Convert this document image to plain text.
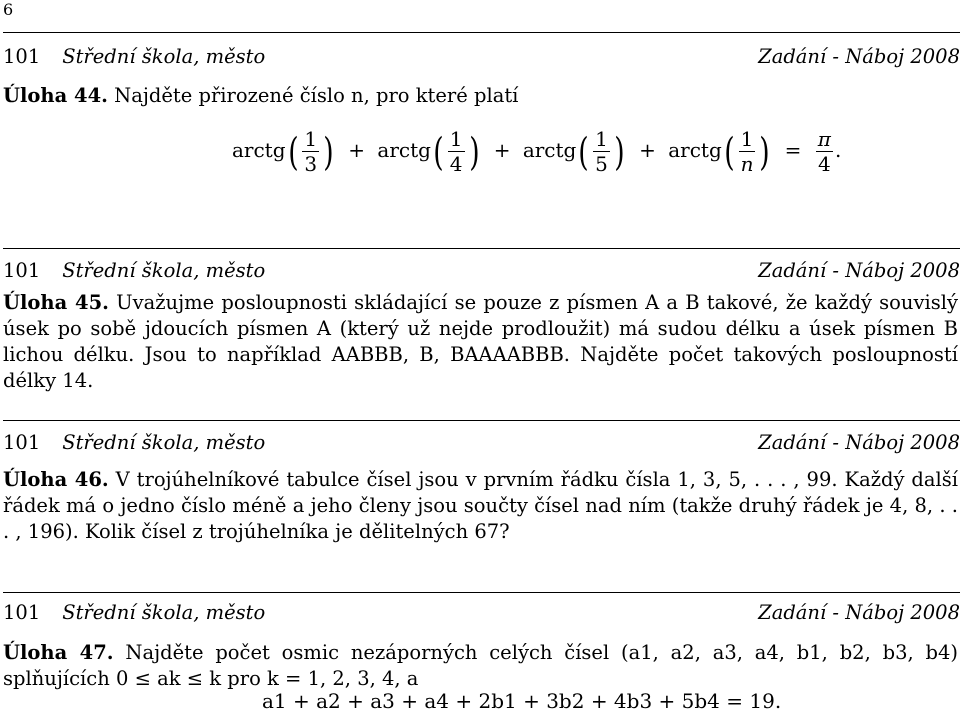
6
101 Střední škola, město	Zadání - Náboj 2008
Úloha 44. Najděte přirozené číslo n, pro které platí
arctg( $\frac{1}{3}$ ) + arctg( $\frac{1}{4}$ ) + arctg( $\frac{1}{5}$ ) + arctg( $\frac{1}{n}$ ) = $\frac{\pi}{4}$ .
101 Střední škola, město	Zadání - Náboj 2008
Úloha 45. Uvažujme posloupnosti skládající se pouze z písmen A a B takové, že každý souvislý úsek po sobě jdoucích písmen A (který už nejde prodloužit) má sudou délku a úsek písmen B lichou délku. Jsou to například AABBB, B, BAAAABBB. Najděte počet takových posloupností délky 14.
101 Střední škola, město	Zadání - Náboj 2008
Úloha 46. V trojúhelníkové tabulce čísel jsou v prvním řádku čísla 1, 3, 5, . . . , 99. Každý další řádek má o jedno číslo méně a jeho členy jsou součty čísel nad ním (takže druhý řádek je 4, 8, . . . , 196). Kolik čísel z trojúhelníka je dělitelných 67?
101 Střední škola, město	Zadání - Náboj 2008
Úloha 47. Najděte počet osmic nezáporných celých čísel (a1, a2, a3, a4, b1, b2, b3, b4) splňujících 0 ≤ ak ≤ k pro k = 1, 2, 3, 4, a
a1 + a2 + a3 + a4 + 2b1 + 3b2 + 4b3 + 5b4 = 19.
